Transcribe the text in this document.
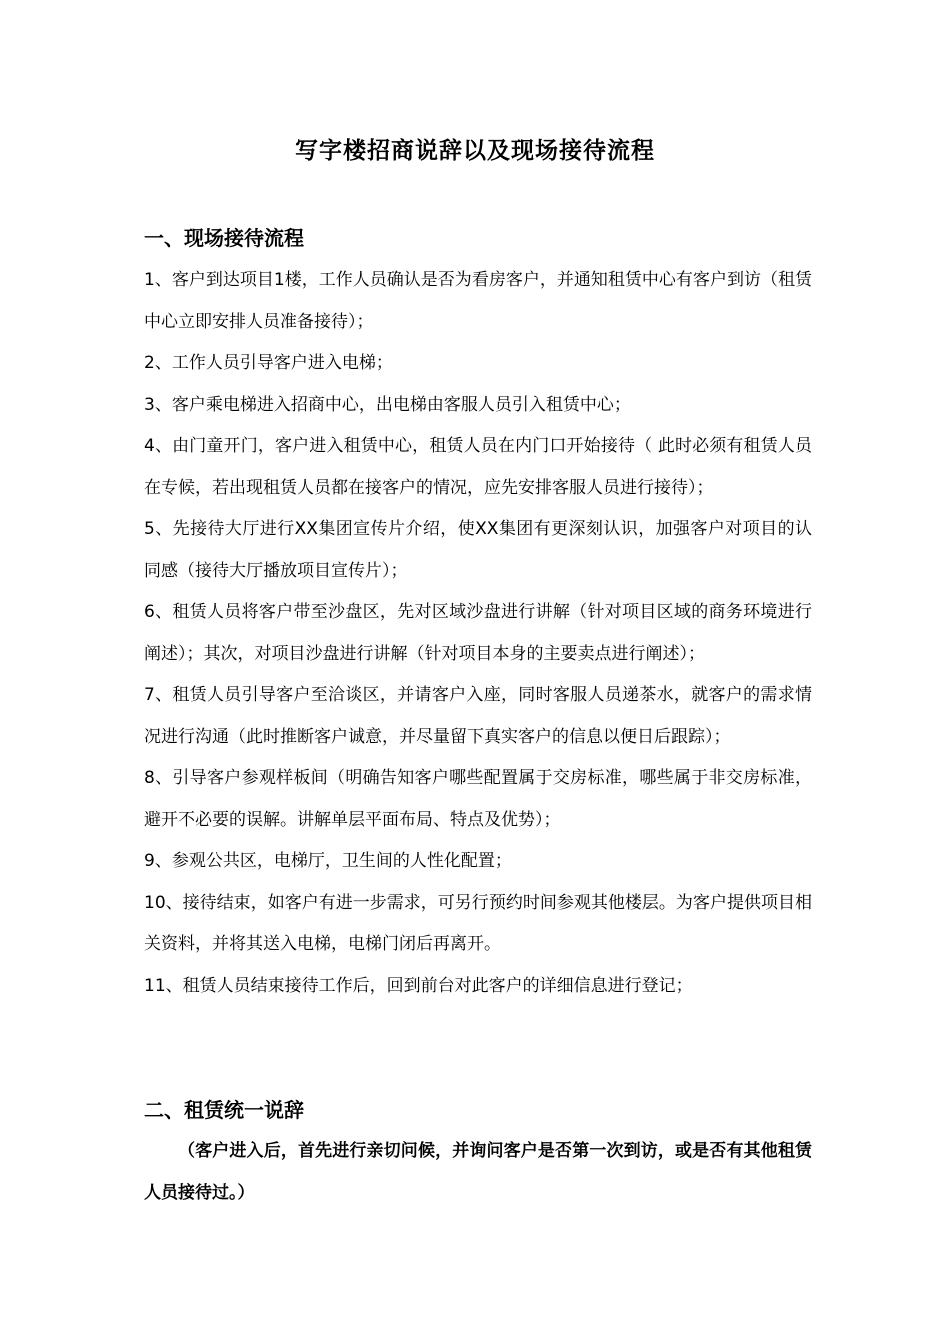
写字楼招商说辞以及现场接待流程
一、现场接待流程
1、客户到达项目1楼，工作人员确认是否为看房客户，并通知租赁中心有客户到访（租赁中心立即安排人员准备接待）；
2、工作人员引导客户进入电梯；
3、客户乘电梯进入招商中心，出电梯由客服人员引入租赁中心；
4、由门童开门，客户进入租赁中心，租赁人员在内门口开始接待（ 此时必须有租赁人员在专候，若出现租赁人员都在接客户的情况，应先安排客服人员进行接待）；
5、先接待大厅进行XX集团宣传片介绍，使XX集团有更深刻认识，加强客户对项目的认同感（接待大厅播放项目宣传片）；
6、租赁人员将客户带至沙盘区，先对区域沙盘进行讲解（针对项目区域的商务环境进行阐述）；其次，对项目沙盘进行讲解（针对项目本身的主要卖点进行阐述）；
7、租赁人员引导客户至洽谈区，并请客户入座，同时客服人员递茶水，就客户的需求情况进行沟通（此时推断客户诚意，并尽量留下真实客户的信息以便日后跟踪）；
8、引导客户参观样板间（明确告知客户哪些配置属于交房标准，哪些属于非交房标准，避开不必要的误解。讲解单层平面布局、特点及优势）；
9、参观公共区，电梯厅，卫生间的人性化配置；
10、接待结束，如客户有进一步需求，可另行预约时间参观其他楼层。为客户提供项目相关资料，并将其送入电梯，电梯门闭后再离开。
11、租赁人员结束接待工作后，回到前台对此客户的详细信息进行登记；
二、租赁统一说辞

（客户进入后，首先进行亲切问候，并询问客户是否第一次到访，或是否有其他租赁人员接待过。）
